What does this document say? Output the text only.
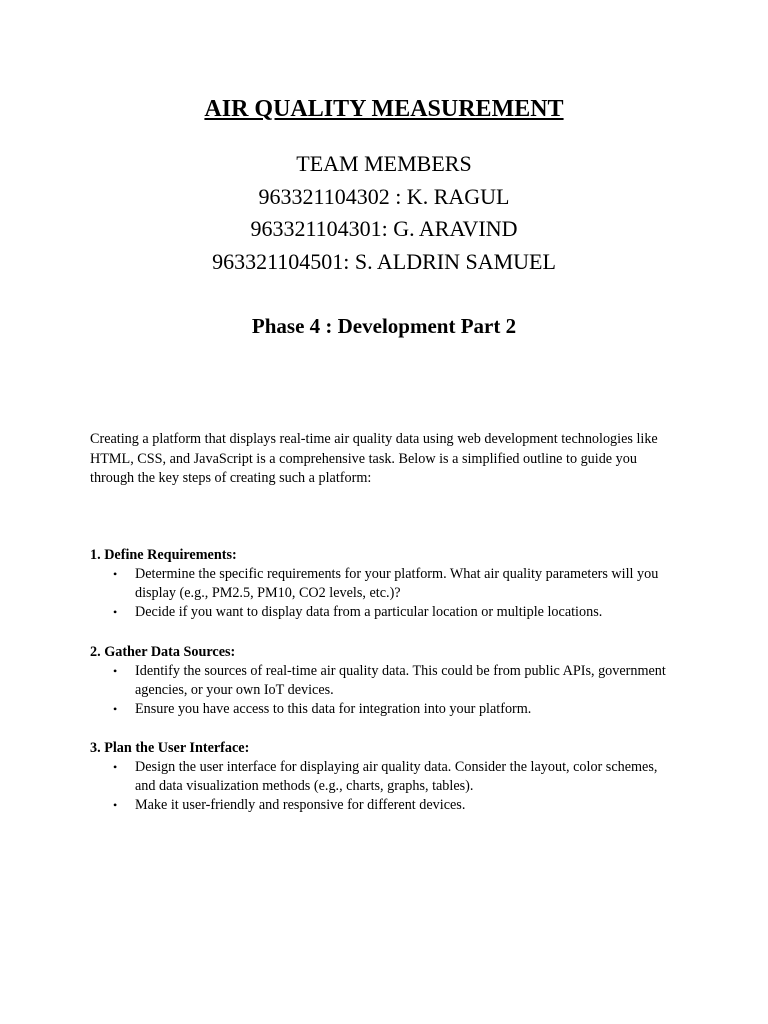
AIR QUALITY MEASUREMENT
TEAM MEMBERS
963321104302 : K. RAGUL
963321104301: G. ARAVIND
963321104501: S. ALDRIN SAMUEL
Phase 4 : Development Part 2
Creating a platform that displays real-time air quality data using web development technologies like HTML, CSS, and JavaScript is a comprehensive task. Below is a simplified outline to guide you through the key steps of creating such a platform:
1. Define Requirements:
• Determine the specific requirements for your platform. What air quality parameters will you display (e.g., PM2.5, PM10, CO2 levels, etc.)?
• Decide if you want to display data from a particular location or multiple locations.
2. Gather Data Sources:
• Identify the sources of real-time air quality data. This could be from public APIs, government agencies, or your own IoT devices.
• Ensure you have access to this data for integration into your platform.
3. Plan the User Interface:
• Design the user interface for displaying air quality data. Consider the layout, color schemes, and data visualization methods (e.g., charts, graphs, tables).
• Make it user-friendly and responsive for different devices.
